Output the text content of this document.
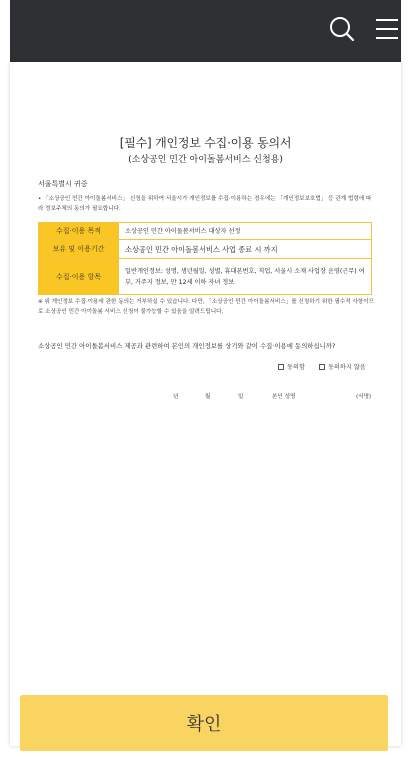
[필수] 개인정보 수집·이용 동의서
(소상공인 민간 아이돌봄서비스 신청용)
서울특별시 귀중
• 「소상공인 민간 아이돌봄서비스」 신청을 위하여 서울시가 개인정보를 수집·이용하는 경우에는 「개인정보보호법」 등 관계 법령에 따라 정보주체의 동의가 필요합니다.
수집·이용 목적	소상공인 민간 아이돌봄서비스 대상자 선정
보유 및 이용기간	소상공인 민간 아이돌봄서비스 사업 종료 시 까지
수집·이용 항목	일반개인정보: 성명, 생년월일, 성별, 휴대폰번호, 직업, 서울시 소재 사업장 운영(근무) 여부, 거주지 정보, 만 12세 이하 자녀 정보
※ 위 개인정보 수집·이용에 관한 동의는 거부하실 수 있습니다. 다만, 「소상공인 민간 아이돌봄서비스」를 신청하기 위한 필수적 사항이므로 소상공인 민간 아이돌봄 서비스 신청이 불가능할 수 있음을 알려드립니다.
소상공인 민간 아이돌봄서비스 제공과 관련하여 본인의 개인정보를 상기와 같이 수집·이용에 동의하십니까?
동의함	동의하지 않음
년	월	일	본인 성명	(서명)
확인
